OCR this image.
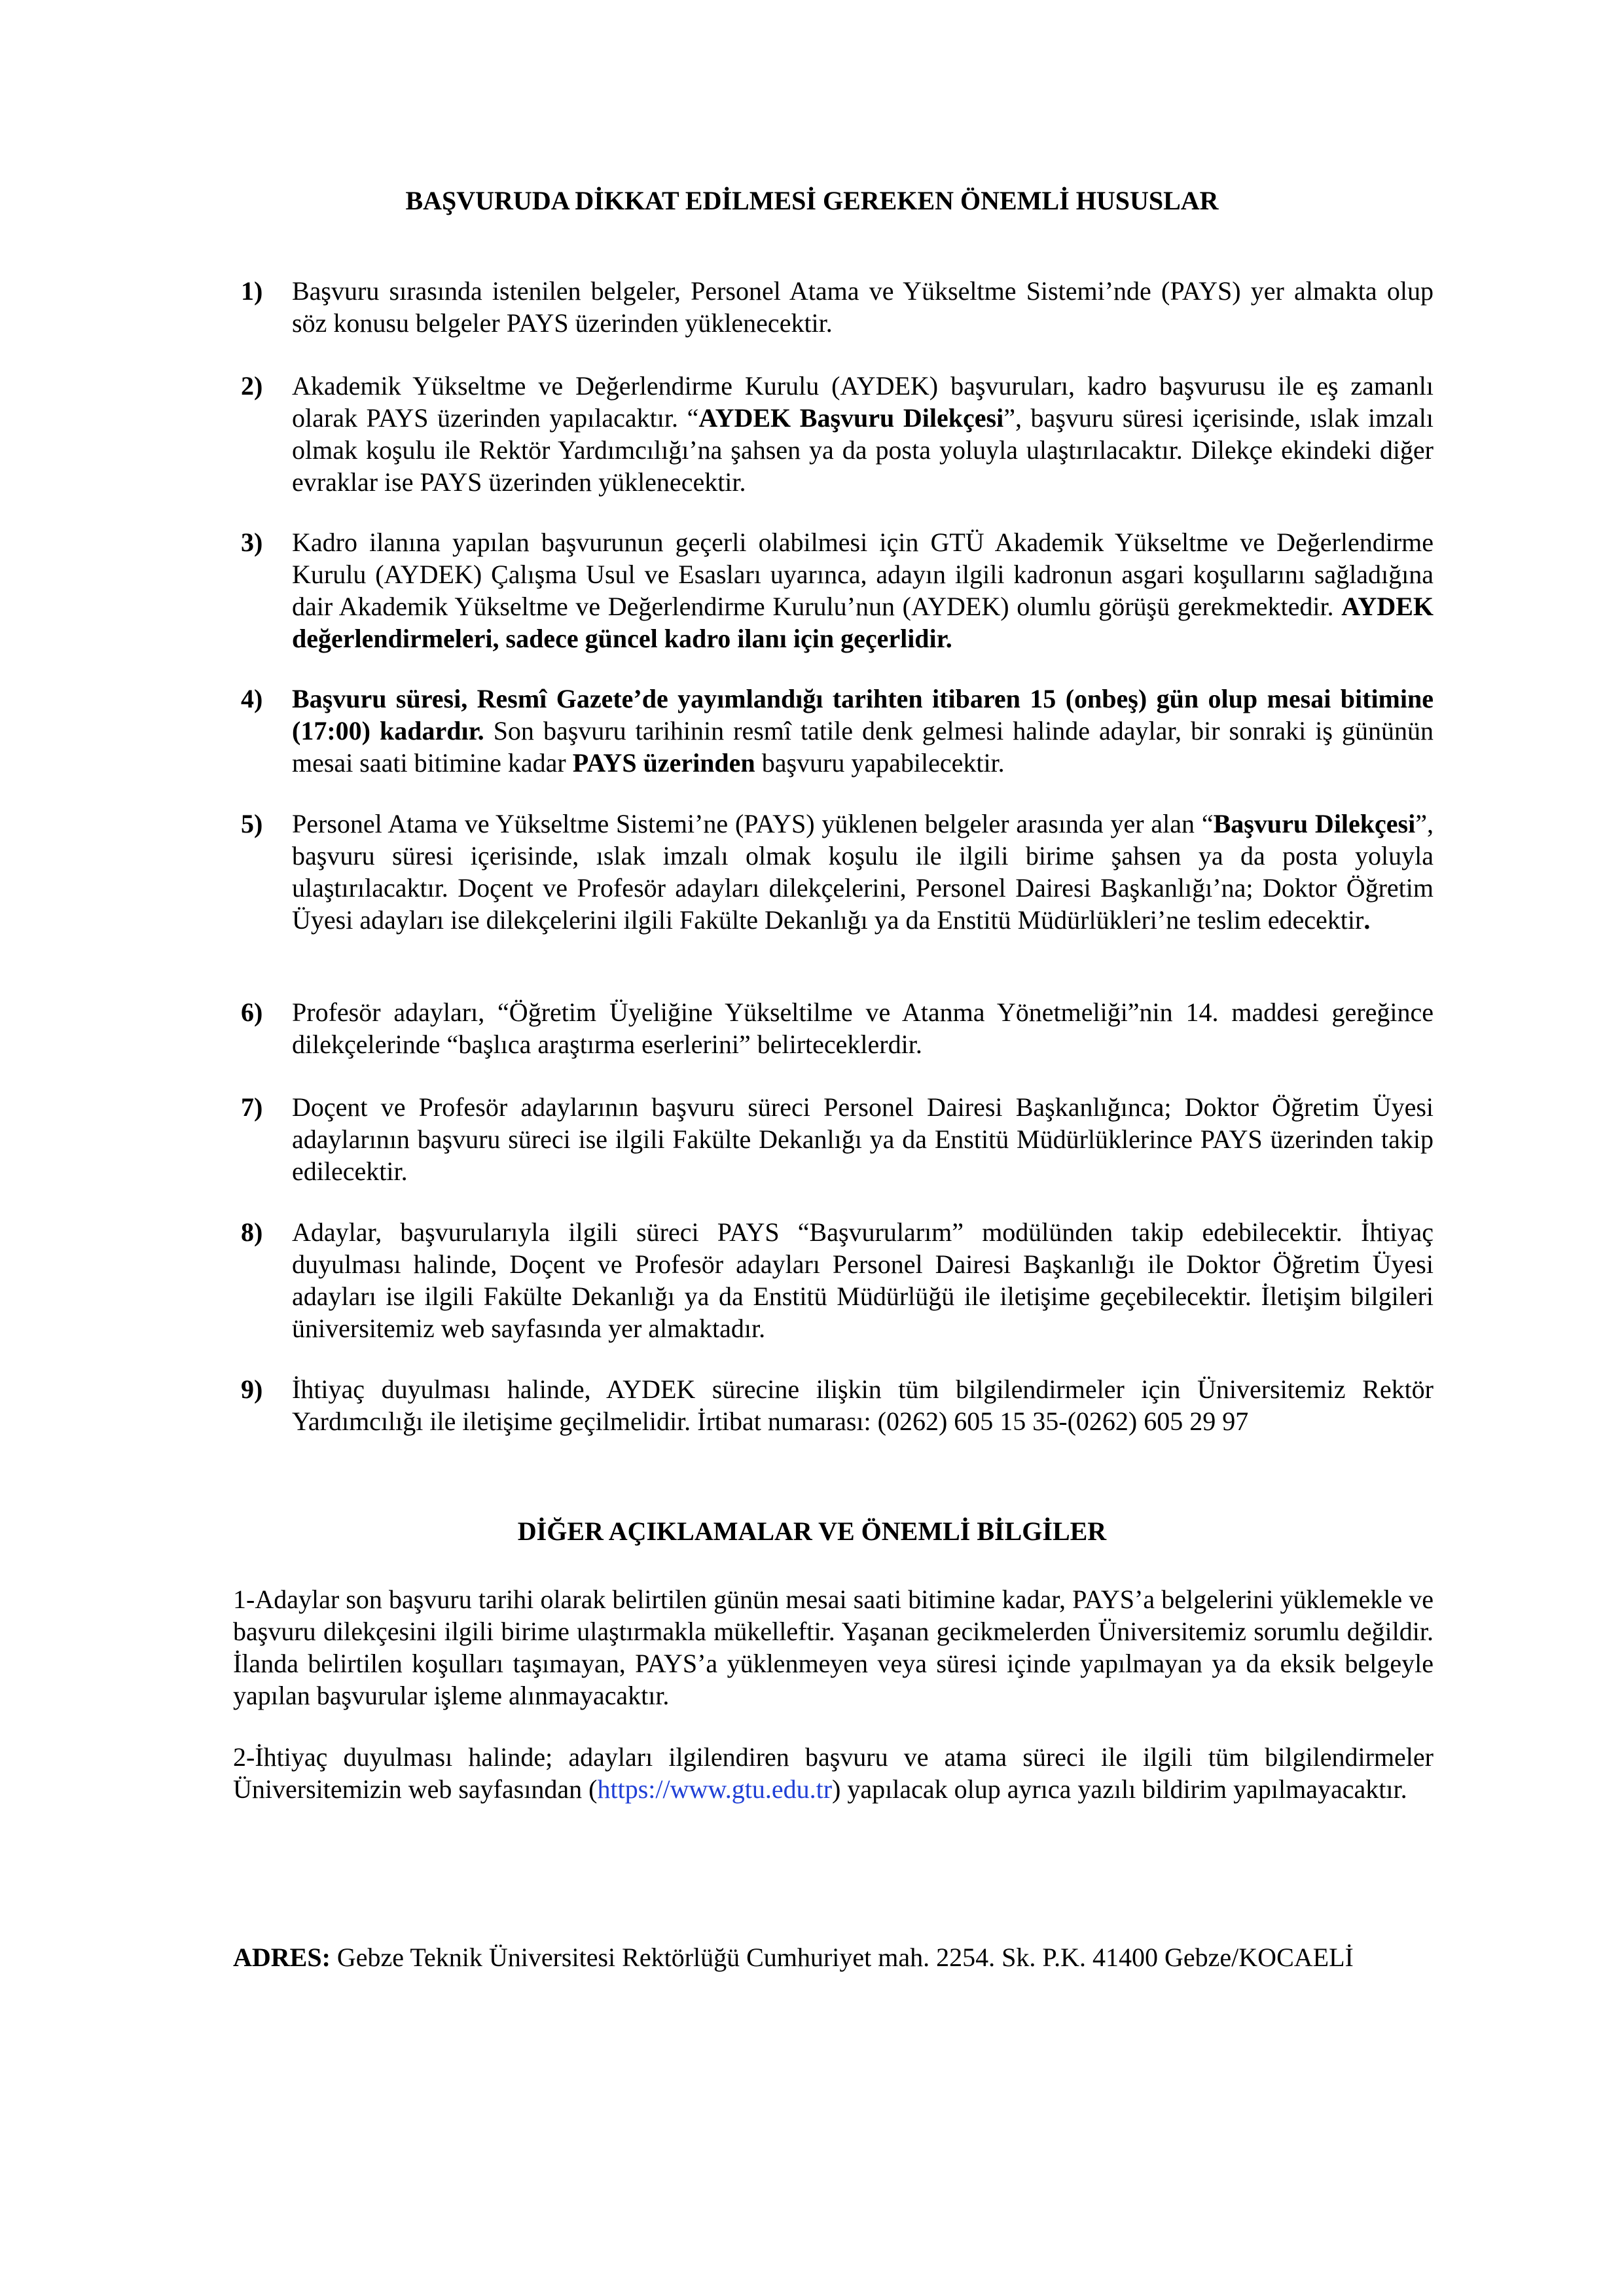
BAŞVURUDA DİKKAT EDİLMESİ GEREKEN ÖNEMLİ HUSUSLAR
1)	Başvuru sırasında istenilen belgeler, Personel Atama ve Yükseltme Sistemi’nde (PAYS) yer almakta olup söz konusu belgeler PAYS üzerinden yüklenecektir.
2)	Akademik Yükseltme ve Değerlendirme Kurulu (AYDEK) başvuruları, kadro başvurusu ile eş zamanlı olarak PAYS üzerinden yapılacaktır. “AYDEK Başvuru Dilekçesi”, başvuru süresi içerisinde, ıslak imzalı olmak koşulu ile Rektör Yardımcılığı’na şahsen ya da posta yoluyla ulaştırılacaktır. Dilekçe ekindeki diğer evraklar ise PAYS üzerinden yüklenecektir.
3)	Kadro ilanına yapılan başvurunun geçerli olabilmesi için GTÜ Akademik Yükseltme ve Değerlendirme Kurulu (AYDEK) Çalışma Usul ve Esasları uyarınca, adayın ilgili kadronun asgari koşullarını sağladığına dair Akademik Yükseltme ve Değerlendirme Kurulu’nun (AYDEK) olumlu görüşü gerekmektedir. AYDEK değerlendirmeleri, sadece güncel kadro ilanı için geçerlidir.
4)	Başvuru süresi, Resmî Gazete’de yayımlandığı tarihten itibaren 15 (onbeş) gün olup mesai bitimine (17:00) kadardır. Son başvuru tarihinin resmî tatile denk gelmesi halinde adaylar, bir sonraki iş gününün mesai saati bitimine kadar PAYS üzerinden başvuru yapabilecektir.
5)	Personel Atama ve Yükseltme Sistemi’ne (PAYS) yüklenen belgeler arasında yer alan “Başvuru Dilekçesi”, başvuru süresi içerisinde, ıslak imzalı olmak koşulu ile ilgili birime şahsen ya da posta yoluyla ulaştırılacaktır. Doçent ve Profesör adayları dilekçelerini, Personel Dairesi Başkanlığı’na; Doktor Öğretim Üyesi adayları ise dilekçelerini ilgili Fakülte Dekanlığı ya da Enstitü Müdürlükleri’ne teslim edecektir.
6)	Profesör adayları, “Öğretim Üyeliğine Yükseltilme ve Atanma Yönetmeliği”nin 14. maddesi gereğince dilekçelerinde “başlıca araştırma eserlerini” belirteceklerdir.
7)	Doçent ve Profesör adaylarının başvuru süreci Personel Dairesi Başkanlığınca; Doktor Öğretim Üyesi adaylarının başvuru süreci ise ilgili Fakülte Dekanlığı ya da Enstitü Müdürlüklerince PAYS üzerinden takip edilecektir.
8)	Adaylar, başvurularıyla ilgili süreci PAYS “Başvurularım” modülünden takip edebilecektir. İhtiyaç duyulması halinde, Doçent ve Profesör adayları Personel Dairesi Başkanlığı ile Doktor Öğretim Üyesi adayları ise ilgili Fakülte Dekanlığı ya da Enstitü Müdürlüğü ile iletişime geçebilecektir. İletişim bilgileri üniversitemiz web sayfasında yer almaktadır.
9)	İhtiyaç duyulması halinde, AYDEK sürecine ilişkin tüm bilgilendirmeler için Üniversitemiz Rektör Yardımcılığı ile iletişime geçilmelidir. İrtibat numarası: (0262) 605 15 35-(0262) 605 29 97
DİĞER AÇIKLAMALAR VE ÖNEMLİ BİLGİLER

1-Adaylar son başvuru tarihi olarak belirtilen günün mesai saati bitimine kadar, PAYS’a belgelerini yüklemekle ve başvuru dilekçesini ilgili birime ulaştırmakla mükelleftir. Yaşanan gecikmelerden Üniversitemiz sorumlu değildir. İlanda belirtilen koşulları taşımayan, PAYS’a yüklenmeyen veya süresi içinde yapılmayan ya da eksik belgeyle yapılan başvurular işleme alınmayacaktır.

2-İhtiyaç duyulması halinde; adayları ilgilendiren başvuru ve atama süreci ile ilgili tüm bilgilendirmeler Üniversitemizin web sayfasından (https://www.gtu.edu.tr) yapılacak olup ayrıca yazılı bildirim yapılmayacaktır.

ADRES: Gebze Teknik Üniversitesi Rektörlüğü Cumhuriyet mah. 2254. Sk. P.K. 41400 Gebze/KOCAELİ
